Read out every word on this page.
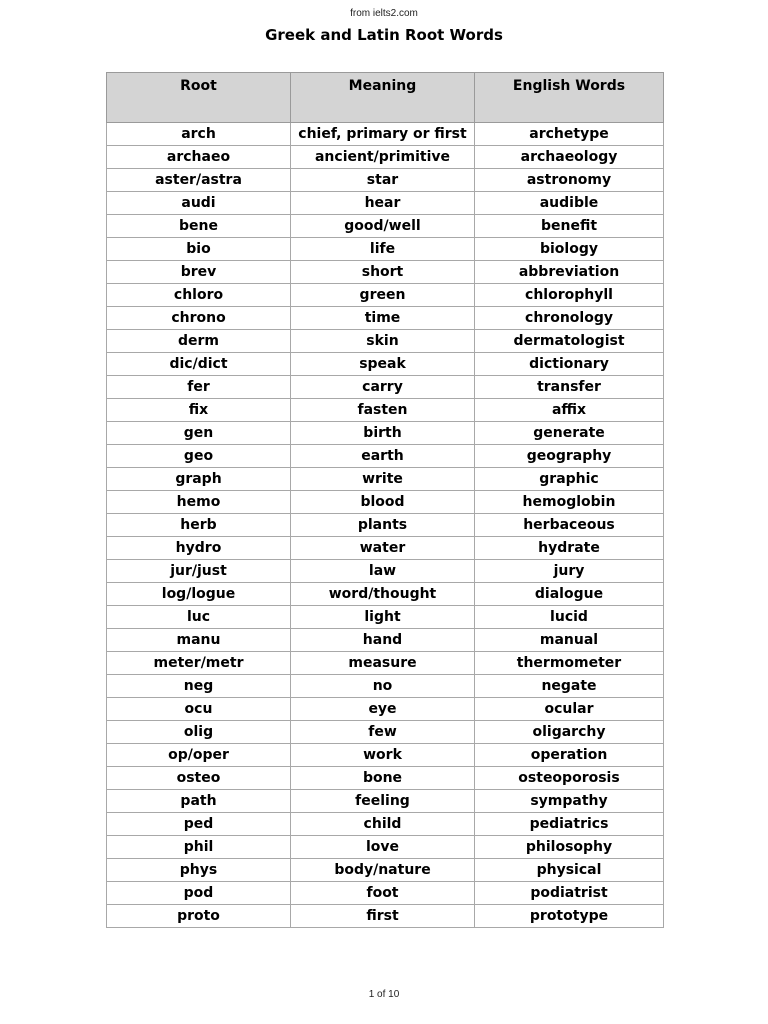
from ielts2.com
Greek and Latin Root Words
Root	Meaning	English Words
arch	chief, primary or first	archetype
archaeo	ancient/primitive	archaeology
aster/astra	star	astronomy
audi	hear	audible
bene	good/well	benefit
bio	life	biology
brev	short	abbreviation
chloro	green	chlorophyll
chrono	time	chronology
derm	skin	dermatologist
dic/dict	speak	dictionary
fer	carry	transfer
fix	fasten	affix
gen	birth	generate
geo	earth	geography
graph	write	graphic
hemo	blood	hemoglobin
herb	plants	herbaceous
hydro	water	hydrate
jur/just	law	jury
log/logue	word/thought	dialogue
luc	light	lucid
manu	hand	manual
meter/metr	measure	thermometer
neg	no	negate
ocu	eye	ocular
olig	few	oligarchy
op/oper	work	operation
osteo	bone	osteoporosis
path	feeling	sympathy
ped	child	pediatrics
phil	love	philosophy
phys	body/nature	physical
pod	foot	podiatrist
proto	first	prototype
1 of 10
